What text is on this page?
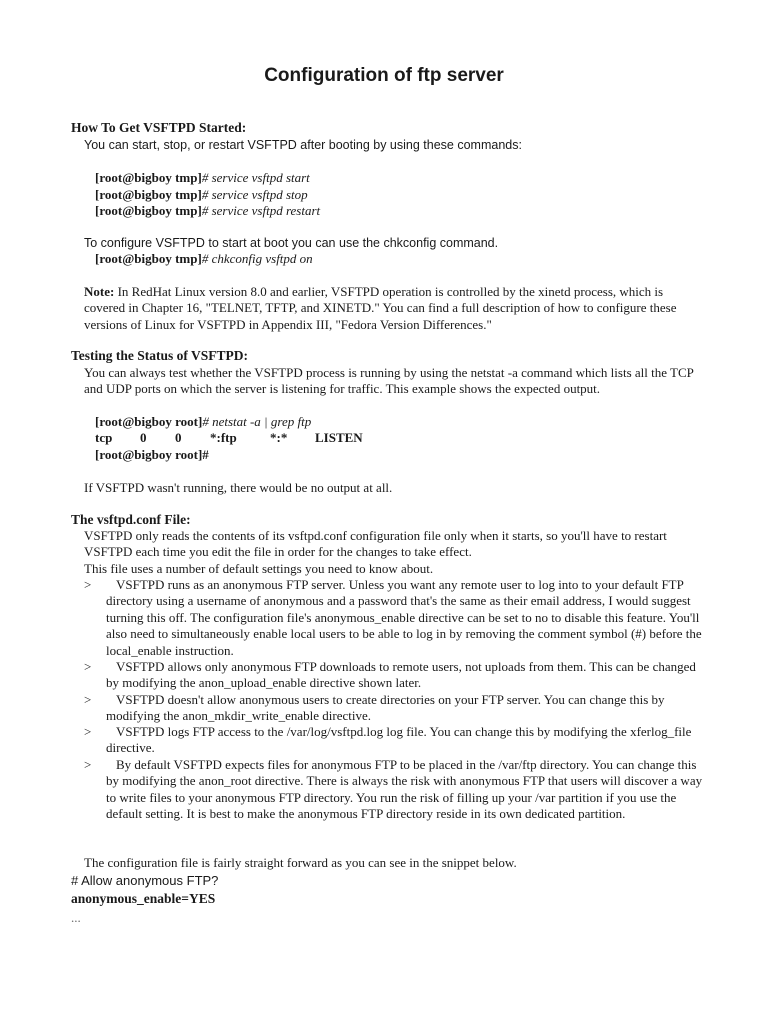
Configuration of ftp server
How To Get VSFTPD Started:
You can start, stop, or restart VSFTPD after booting by using these commands:
[root@bigboy tmp]# service vsftpd start
[root@bigboy tmp]# service vsftpd stop
[root@bigboy tmp]# service vsftpd restart
To configure VSFTPD to start at boot you can use the chkconfig command.
[root@bigboy tmp]# chkconfig vsftpd on
Note: In RedHat Linux version 8.0 and earlier, VSFTPD operation is controlled by the xinetd process, which is covered in Chapter 16, "TELNET, TFTP, and XINETD." You can find a full description of how to configure these versions of Linux for VSFTPD in Appendix III, "Fedora Version Differences."
Testing the Status of VSFTPD:
You can always test whether the VSFTPD process is running by using the netstat -a command which lists all the TCP and UDP ports on which the server is listening for traffic. This example shows the expected output.
[root@bigboy root]# netstat -a | grep ftp
tcp 0 0 *:ftp	*:* LISTEN
[root@bigboy root]#
If VSFTPD wasn't running, there would be no output at all.
The vsftpd.conf File:
VSFTPD only reads the contents of its vsftpd.conf configuration file only when it starts, so you'll have to restart VSFTPD each time you edit the file in order for the changes to take effect.
This file uses a number of default settings you need to know about.
>	VSFTPD runs as an anonymous FTP server. Unless you want any remote user to log into to your default FTP directory using a username of anonymous and a password that's the same as their email address, I would suggest turning this off. The configuration file's anonymous_enable directive can be set to no to disable this feature. You'll also need to simultaneously enable local users to be able to log in by removing the comment symbol (#) before the local_enable instruction.
>	VSFTPD allows only anonymous FTP downloads to remote users, not uploads from them. This can be changed by modifying the anon_upload_enable directive shown later.
>	VSFTPD doesn't allow anonymous users to create directories on your FTP server. You can change this by modifying the anon_mkdir_write_enable directive.
>	VSFTPD logs FTP access to the /var/log/vsftpd.log log file. You can change this by modifying the xferlog_file directive.
>	By default VSFTPD expects files for anonymous FTP to be placed in the /var/ftp directory. You can change this by modifying the anon_root directive. There is always the risk with anonymous FTP that users will discover a way to write files to your anonymous FTP directory. You run the risk of filling up your /var partition if you use the default setting. It is best to make the anonymous FTP directory reside in its own dedicated partition.
The configuration file is fairly straight forward as you can see in the snippet below.
# Allow anonymous FTP?
anonymous_enable=YES
...
